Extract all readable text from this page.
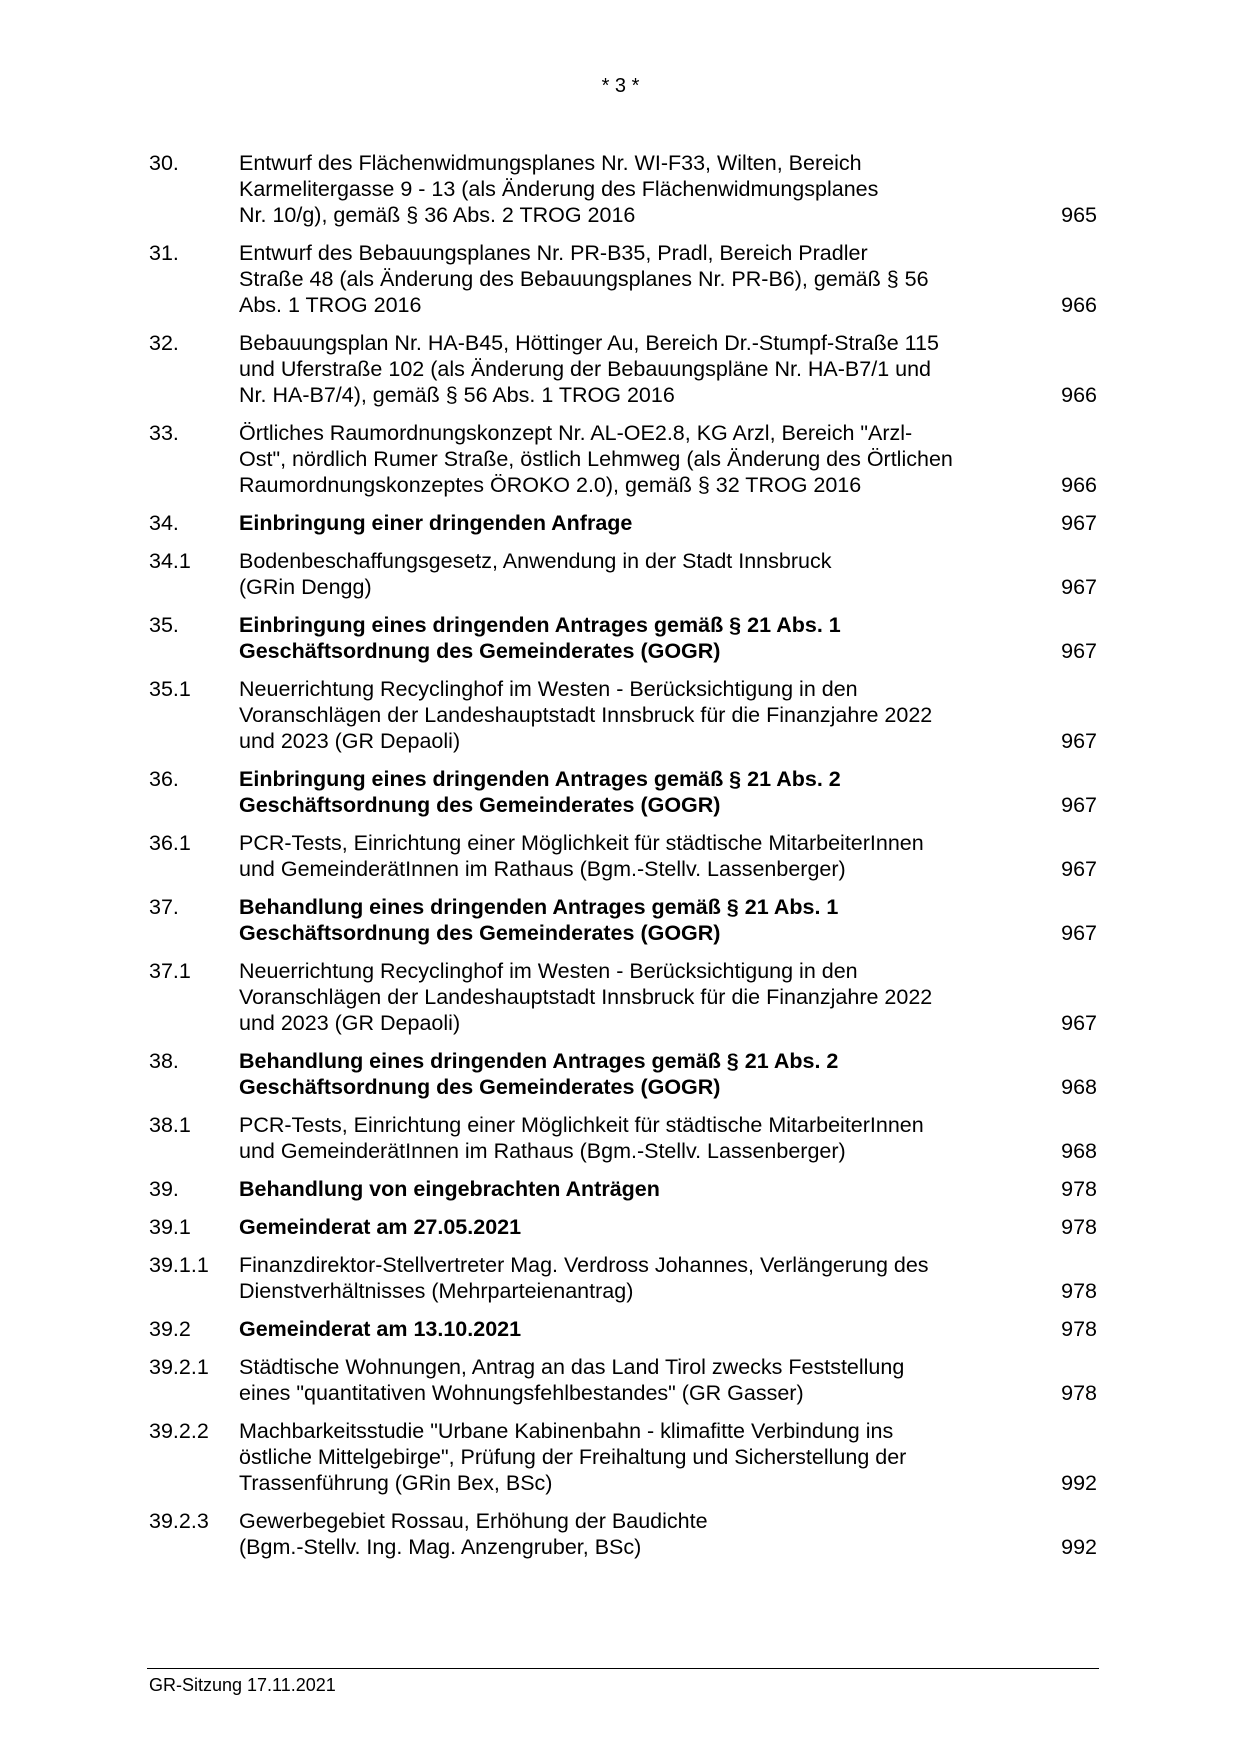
* 3 *
30.	Entwurf des Flächenwidmungsplanes Nr. WI-F33, Wilten, Bereich
Karmelitergasse 9 - 13 (als Änderung des Flächenwidmungsplanes
Nr. 10/g), gemäß § 36 Abs. 2 TROG 2016	965
31.	Entwurf des Bebauungsplanes Nr. PR-B35, Pradl, Bereich Pradler
Straße 48 (als Änderung des Bebauungsplanes Nr. PR-B6), gemäß § 56
Abs. 1 TROG 2016	966
32.	Bebauungsplan Nr. HA-B45, Höttinger Au, Bereich Dr.-Stumpf-Straße 115
und Uferstraße 102 (als Änderung der Bebauungspläne Nr. HA-B7/1 und
Nr. HA-B7/4), gemäß § 56 Abs. 1 TROG 2016	966
33.	Örtliches Raumordnungskonzept Nr. AL-OE2.8, KG Arzl, Bereich "Arzl-
Ost", nördlich Rumer Straße, östlich Lehmweg (als Änderung des Örtlichen
Raumordnungskonzeptes ÖROKO 2.0), gemäß § 32 TROG 2016	966
34.	Einbringung einer dringenden Anfrage	967
34.1	Bodenbeschaffungsgesetz, Anwendung in der Stadt Innsbruck
(GRin Dengg)	967
35.	Einbringung eines dringenden Antrages gemäß § 21 Abs. 1
Geschäftsordnung des Gemeinderates (GOGR)	967
35.1	Neuerrichtung Recyclinghof im Westen - Berücksichtigung in den
Voranschlägen der Landeshauptstadt Innsbruck für die Finanzjahre 2022
und 2023 (GR Depaoli)	967
36.	Einbringung eines dringenden Antrages gemäß § 21 Abs. 2
Geschäftsordnung des Gemeinderates (GOGR)	967
36.1	PCR-Tests, Einrichtung einer Möglichkeit für städtische MitarbeiterInnen
und GemeinderätInnen im Rathaus (Bgm.-Stellv. Lassenberger)	967
37.	Behandlung eines dringenden Antrages gemäß § 21 Abs. 1
Geschäftsordnung des Gemeinderates (GOGR)	967
37.1	Neuerrichtung Recyclinghof im Westen - Berücksichtigung in den
Voranschlägen der Landeshauptstadt Innsbruck für die Finanzjahre 2022
und 2023 (GR Depaoli)	967
38.	Behandlung eines dringenden Antrages gemäß § 21 Abs. 2
Geschäftsordnung des Gemeinderates (GOGR)	968
38.1	PCR-Tests, Einrichtung einer Möglichkeit für städtische MitarbeiterInnen
und GemeinderätInnen im Rathaus (Bgm.-Stellv. Lassenberger)	968
39.	Behandlung von eingebrachten Anträgen	978
39.1	Gemeinderat am 27.05.2021	978
39.1.1	Finanzdirektor-Stellvertreter Mag. Verdross Johannes, Verlängerung des
Dienstverhältnisses (Mehrparteienantrag)	978
39.2	Gemeinderat am 13.10.2021	978
39.2.1	Städtische Wohnungen, Antrag an das Land Tirol zwecks Feststellung
eines "quantitativen Wohnungsfehlbestandes" (GR Gasser)	978
39.2.2	Machbarkeitsstudie "Urbane Kabinenbahn - klimafitte Verbindung ins
östliche Mittelgebirge", Prüfung der Freihaltung und Sicherstellung der
Trassenführung (GRin Bex, BSc)	992
39.2.3	Gewerbegebiet Rossau, Erhöhung der Baudichte
(Bgm.-Stellv. Ing. Mag. Anzengruber, BSc)	992
GR-Sitzung 17.11.2021
